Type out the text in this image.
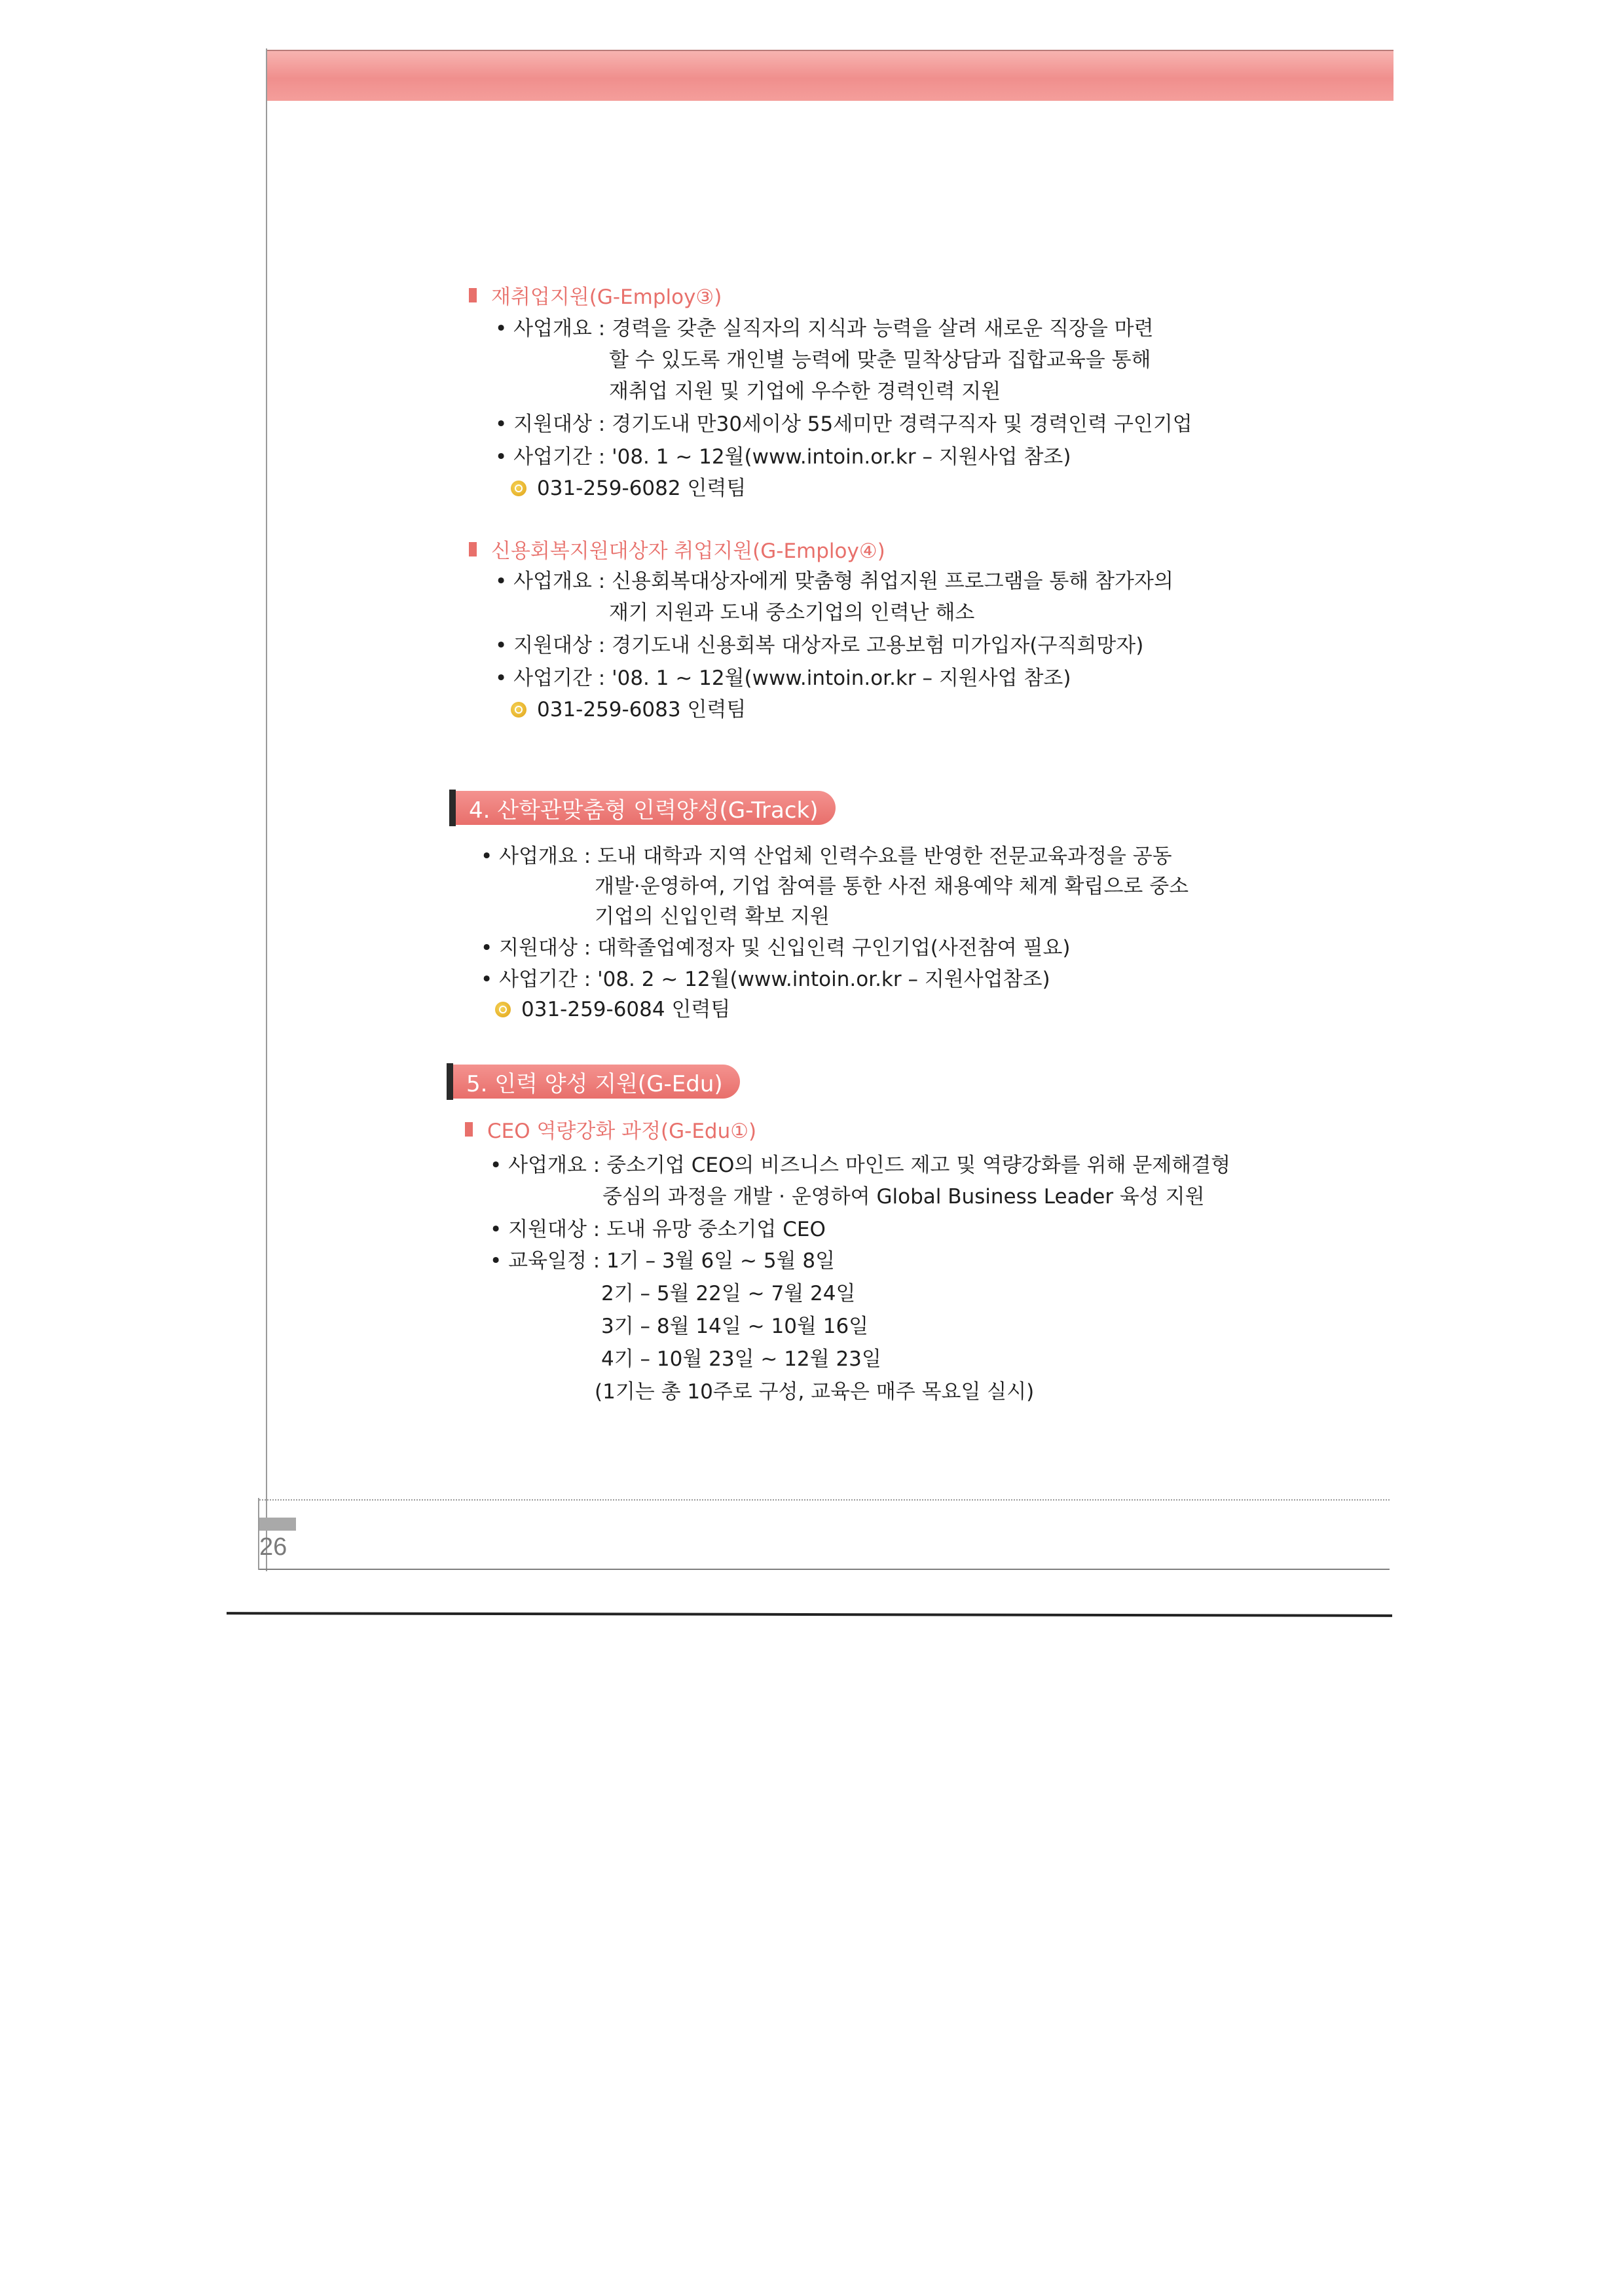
재취업지원(G-Employ③)
• 사업개요 : 경력을 갖춘 실직자의 지식과 능력을 살려 새로운 직장을 마련
할 수 있도록 개인별 능력에 맞춘 밀착상담과 집합교육을 통해
재취업 지원 및 기업에 우수한 경력인력 지원
• 지원대상 : 경기도내 만30세이상 55세미만 경력구직자 및 경력인력 구인기업
• 사업기간 : '08. 1 ~ 12월(www.intoin.or.kr – 지원사업 참조)
031-259-6082 인력팀
신용회복지원대상자 취업지원(G-Employ④)
• 사업개요 : 신용회복대상자에게 맞춤형 취업지원 프로그램을 통해 참가자의
재기 지원과 도내 중소기업의 인력난 해소
• 지원대상 : 경기도내 신용회복 대상자로 고용보험 미가입자(구직희망자)
• 사업기간 : '08. 1 ~ 12월(www.intoin.or.kr – 지원사업 참조)
031-259-6083 인력팀
4. 산학관맞춤형 인력양성(G-Track)
• 사업개요 : 도내 대학과 지역 산업체 인력수요를 반영한 전문교육과정을 공동
개발·운영하여, 기업 참여를 통한 사전 채용예약 체계 확립으로 중소
기업의 신입인력 확보 지원
• 지원대상 : 대학졸업예정자 및 신입인력 구인기업(사전참여 필요)
• 사업기간 : '08. 2 ~ 12월(www.intoin.or.kr – 지원사업참조)
031-259-6084 인력팀
5. 인력 양성 지원(G-Edu)
CEO 역량강화 과정(G-Edu①)
• 사업개요 : 중소기업 CEO의 비즈니스 마인드 제고 및 역량강화를 위해 문제해결형
중심의 과정을 개발 · 운영하여 Global Business Leader 육성 지원
• 지원대상 : 도내 유망 중소기업 CEO
• 교육일정 : 1기 – 3월 6일 ~ 5월 8일
2기 – 5월 22일 ~ 7월 24일
3기 – 8월 14일 ~ 10월 16일
4기 – 10월 23일 ~ 12월 23일
(1기는 총 10주로 구성, 교육은 매주 목요일 실시)
26
